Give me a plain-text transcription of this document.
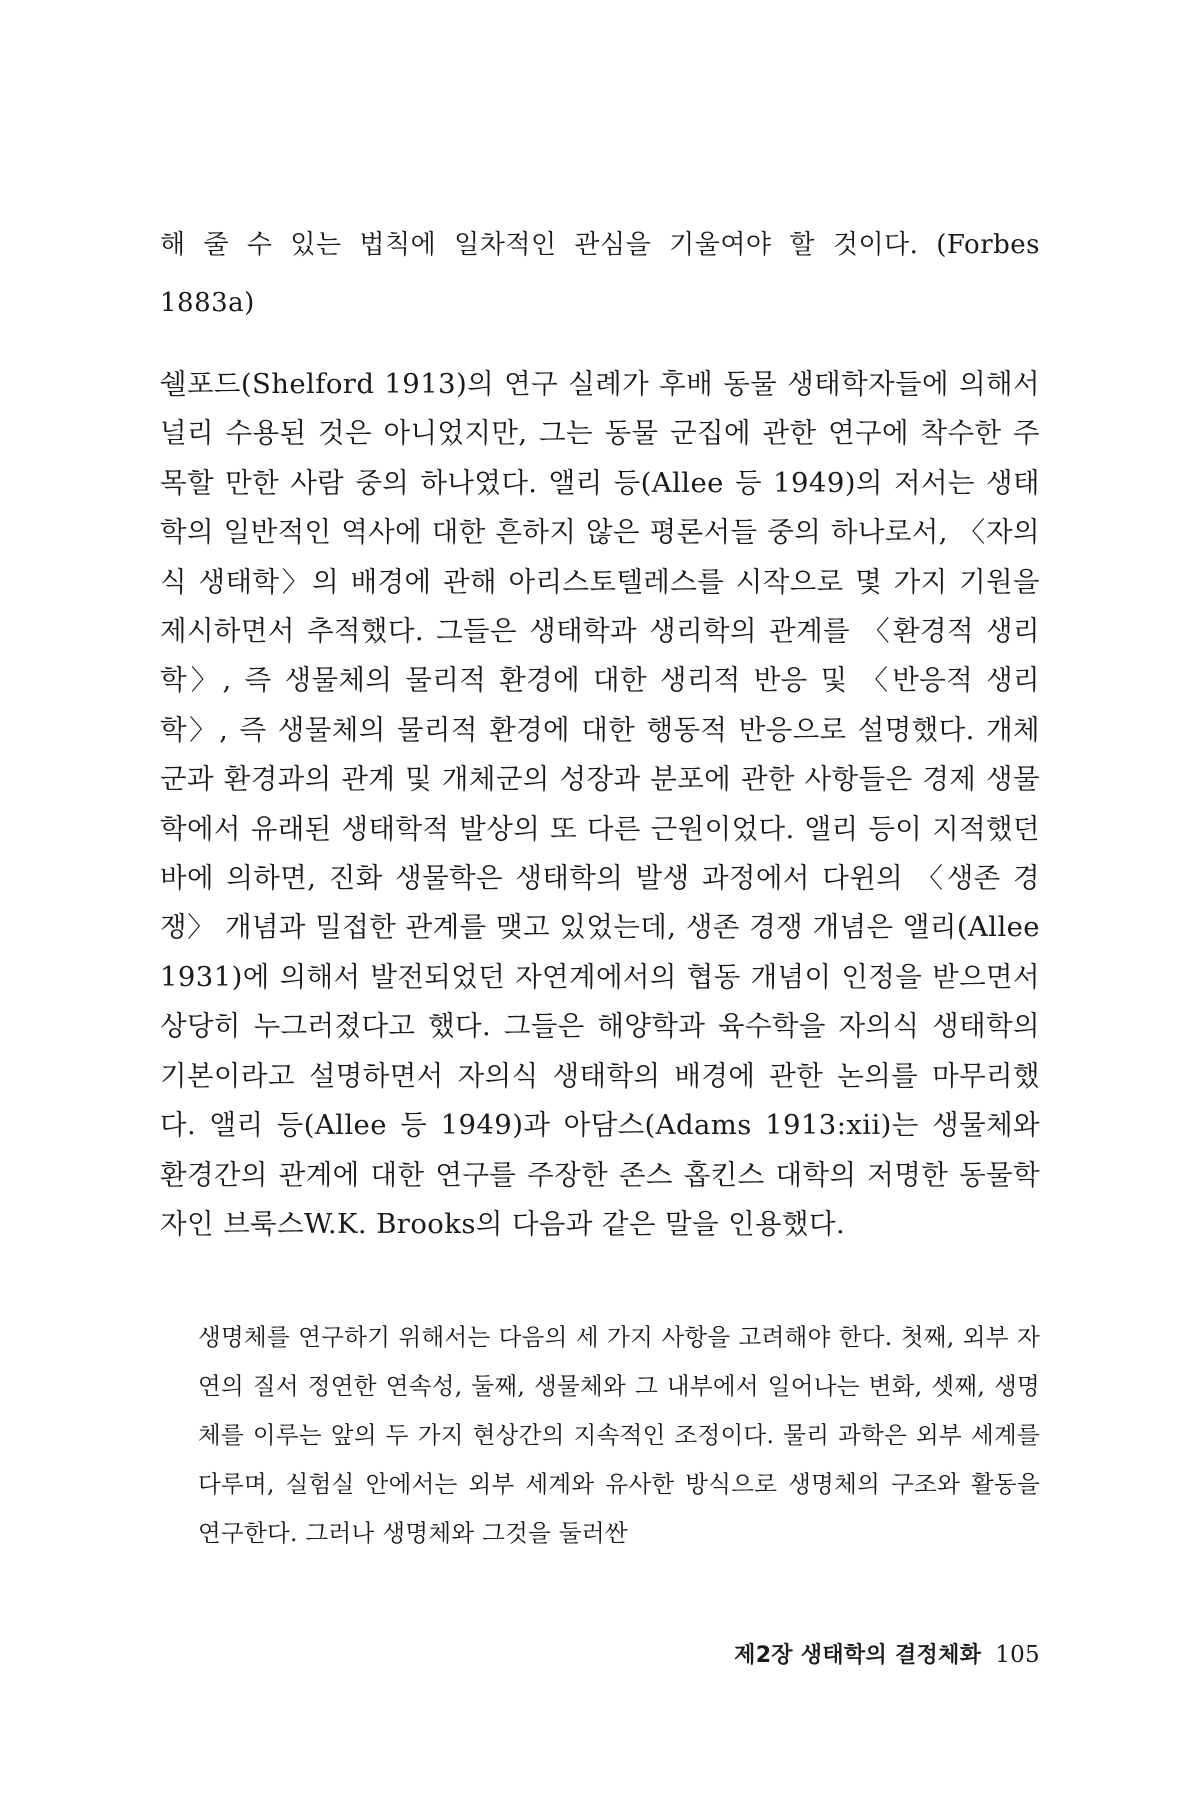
해 줄 수 있는 법칙에 일차적인 관심을 기울여야 할 것이다. (Forbes 1883a)

쉘포드(Shelford 1913)의 연구 실례가 후배 동물 생태학자들에 의해서 널리 수용된 것은 아니었지만, 그는 동물 군집에 관한 연구에 착수한 주목할 만한 사람 중의 하나였다. 앨리 등(Allee 등 1949)의 저서는 생태학의 일반적인 역사에 대한 흔하지 않은 평론서들 중의 하나로서, 〈자의식 생태학〉의 배경에 관해 아리스토텔레스를 시작으로 몇 가지 기원을 제시하면서 추적했다. 그들은 생태학과 생리학의 관계를 〈환경적 생리학〉, 즉 생물체의 물리적 환경에 대한 생리적 반응 및 〈반응적 생리학〉, 즉 생물체의 물리적 환경에 대한 행동적 반응으로 설명했다. 개체군과 환경과의 관계 및 개체군의 성장과 분포에 관한 사항들은 경제 생물학에서 유래된 생태학적 발상의 또 다른 근원이었다. 앨리 등이 지적했던 바에 의하면, 진화 생물학은 생태학의 발생 과정에서 다윈의 〈생존 경쟁〉 개념과 밀접한 관계를 맺고 있었는데, 생존 경쟁 개념은 앨리(Allee 1931)에 의해서 발전되었던 자연계에서의 협동 개념이 인정을 받으면서 상당히 누그러졌다고 했다. 그들은 해양학과 육수학을 자의식 생태학의 기본이라고 설명하면서 자의식 생태학의 배경에 관한 논의를 마무리했다. 앨리 등(Allee 등 1949)과 아담스(Adams 1913:xii)는 생물체와 환경간의 관계에 대한 연구를 주장한 존스 홉킨스 대학의 저명한 동물학자인 브룩스W.K. Brooks의 다음과 같은 말을 인용했다.

생명체를 연구하기 위해서는 다음의 세 가지 사항을 고려해야 한다. 첫째, 외부 자연의 질서 정연한 연속성, 둘째, 생물체와 그 내부에서 일어나는 변화, 셋째, 생명체를 이루는 앞의 두 가지 현상간의 지속적인 조정이다. 물리 과학은 외부 세계를 다루며, 실험실 안에서는 외부 세계와 유사한 방식으로 생명체의 구조와 활동을 연구한다. 그러나 생명체와 그것을 둘러싼
제2장 생태학의 결정체화 105
